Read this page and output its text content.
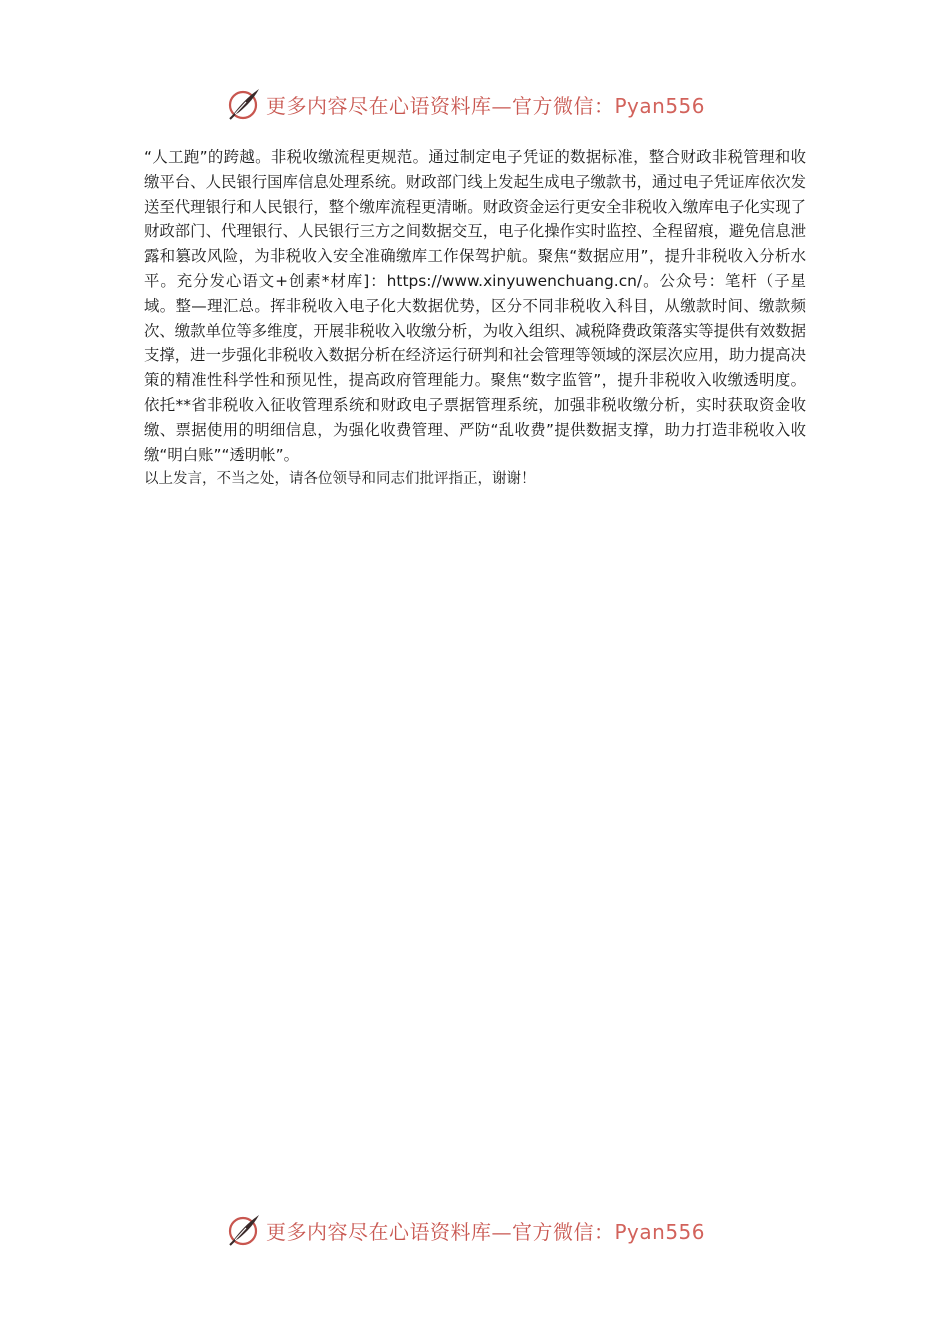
更多内容尽在心语资料库—官方微信：Pyan556

“人工跑”的跨越。非税收缴流程更规范。通过制定电子凭证的数据标准，整合财政非税管理和收缴平台、人民银行国库信息处理系统。财政部门线上发起生成电子缴款书，通过电子凭证库依次发送至代理银行和人民银行，整个缴库流程更清晰。财政资金运行更安全非税收入缴库电子化实现了财政部门、代理银行、人民银行三方之间数据交互，电子化操作实时监控、全程留痕，避免信息泄露和篡改风险，为非税收入安全准确缴库工作保驾护航。聚焦“数据应用”，提升非税收入分析水平。充分发心语文+创素*材库]：https://www.xinyuwenchuang.cn/。公众号：笔杆（子星域。整—理汇总。挥非税收入电子化大数据优势，区分不同非税收入科目，从缴款时间、缴款频次、缴款单位等多维度，开展非税收入收缴分析，为收入组织、减税降费政策落实等提供有效数据支撑，进一步强化非税收入数据分析在经济运行研判和社会管理等领域的深层次应用，助力提高决策的精准性科学性和预见性，提高政府管理能力。聚焦“数字监管”，提升非税收入收缴透明度。依托**省非税收入征收管理系统和财政电子票据管理系统，加强非税收缴分析，实时获取资金收缴、票据使用的明细信息，为强化收费管理、严防“乱收费”提供数据支撑，助力打造非税收入收缴“明白账”“透明帐”。

以上发言，不当之处，请各位领导和同志们批评指正，谢谢！

更多内容尽在心语资料库—官方微信：Pyan556
